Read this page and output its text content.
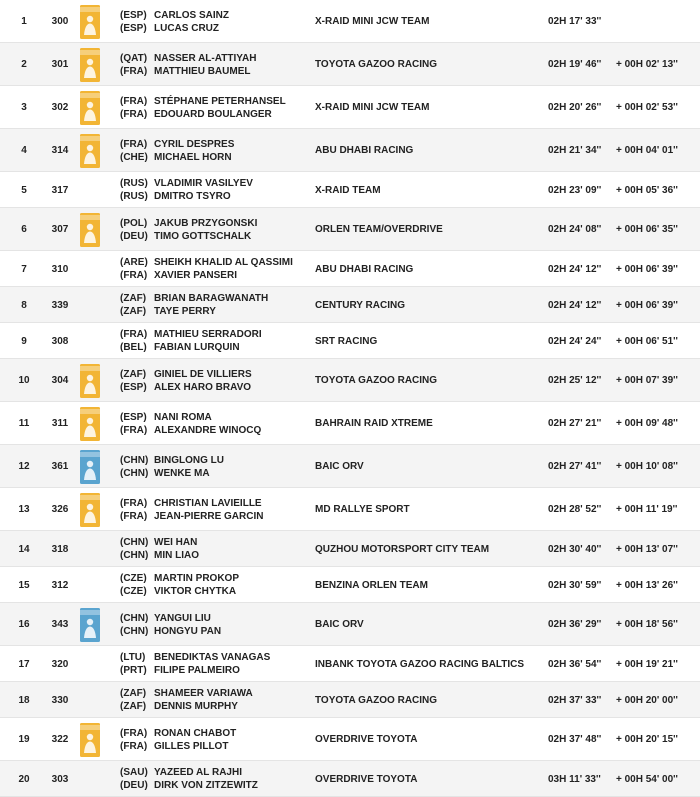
1	300
(ESP) CARLOS SAINZ
(ESP) LUCAS CRUZ
X-RAID MINI JCW TEAM	02H 17' 33''
2	301
(QAT) NASSER AL-ATTIYAH
(FRA) MATTHIEU BAUMEL
TOYOTA GAZOO RACING	02H 19' 46'' + 00H 02' 13''
3	302
(FRA) STÉPHANE PETERHANSEL
(FRA) EDOUARD BOULANGER
X-RAID MINI JCW TEAM	02H 20' 26'' + 00H 02' 53''
4	314
(FRA) CYRIL DESPRES
(CHE) MICHAEL HORN
ABU DHABI RACING	02H 21' 34'' + 00H 04' 01''
5	317
(RUS) VLADIMIR VASILYEV
(RUS) DMITRO TSYRO
X-RAID TEAM	02H 23' 09'' + 00H 05' 36''
6	307
(POL) JAKUB PRZYGONSKI
(DEU) TIMO GOTTSCHALK
ORLEN TEAM/OVERDRIVE	02H 24' 08'' + 00H 06' 35''
7	310
(ARE) SHEIKH KHALID AL QASSIMI
(FRA) XAVIER PANSERI
ABU DHABI RACING	02H 24' 12'' + 00H 06' 39''
8	339
(ZAF) BRIAN BARAGWANATH
(ZAF) TAYE PERRY
CENTURY RACING	02H 24' 12'' + 00H 06' 39''
9	308
(FRA) MATHIEU SERRADORI
(BEL) FABIAN LURQUIN
SRT RACING	02H 24' 24'' + 00H 06' 51''
10	304
(ZAF) GINIEL DE VILLIERS
(ESP) ALEX HARO BRAVO
TOYOTA GAZOO RACING	02H 25' 12'' + 00H 07' 39''
11	311
(ESP) NANI ROMA
(FRA) ALEXANDRE WINOCQ
BAHRAIN RAID XTREME	02H 27' 21'' + 00H 09' 48''
12	361
(CHN) BINGLONG LU
(CHN) WENKE MA
BAIC ORV	02H 27' 41'' + 00H 10' 08''
13	326
(FRA) CHRISTIAN LAVIEILLE
(FRA) JEAN-PIERRE GARCIN
MD RALLYE SPORT	02H 28' 52'' + 00H 11' 19''
14	318
(CHN) WEI HAN
(CHN) MIN LIAO
QUZHOU MOTORSPORT CITY TEAM	02H 30' 40'' + 00H 13' 07''
15	312
(CZE) MARTIN PROKOP
(CZE) VIKTOR CHYTKA
BENZINA ORLEN TEAM	02H 30' 59'' + 00H 13' 26''
16	343
(CHN) YANGUI LIU
(CHN) HONGYU PAN
BAIC ORV	02H 36' 29'' + 00H 18' 56''
17	320
(LTU) BENEDIKTAS VANAGAS
(PRT) FILIPE PALMEIRO
INBANK TOYOTA GAZOO RACING BALTICS 02H 36' 54'' + 00H 19' 21''
18	330
(ZAF) SHAMEER VARIAWA
(ZAF) DENNIS MURPHY
TOYOTA GAZOO RACING	02H 37' 33'' + 00H 20' 00''
19	322
(FRA) RONAN CHABOT
(FRA) GILLES PILLOT
OVERDRIVE TOYOTA	02H 37' 48'' + 00H 20' 15''
20	303
(SAU) YAZEED AL RAJHI
(DEU) DIRK VON ZITZEWITZ
OVERDRIVE TOYOTA	03H 11' 33'' + 00H 54' 00''
